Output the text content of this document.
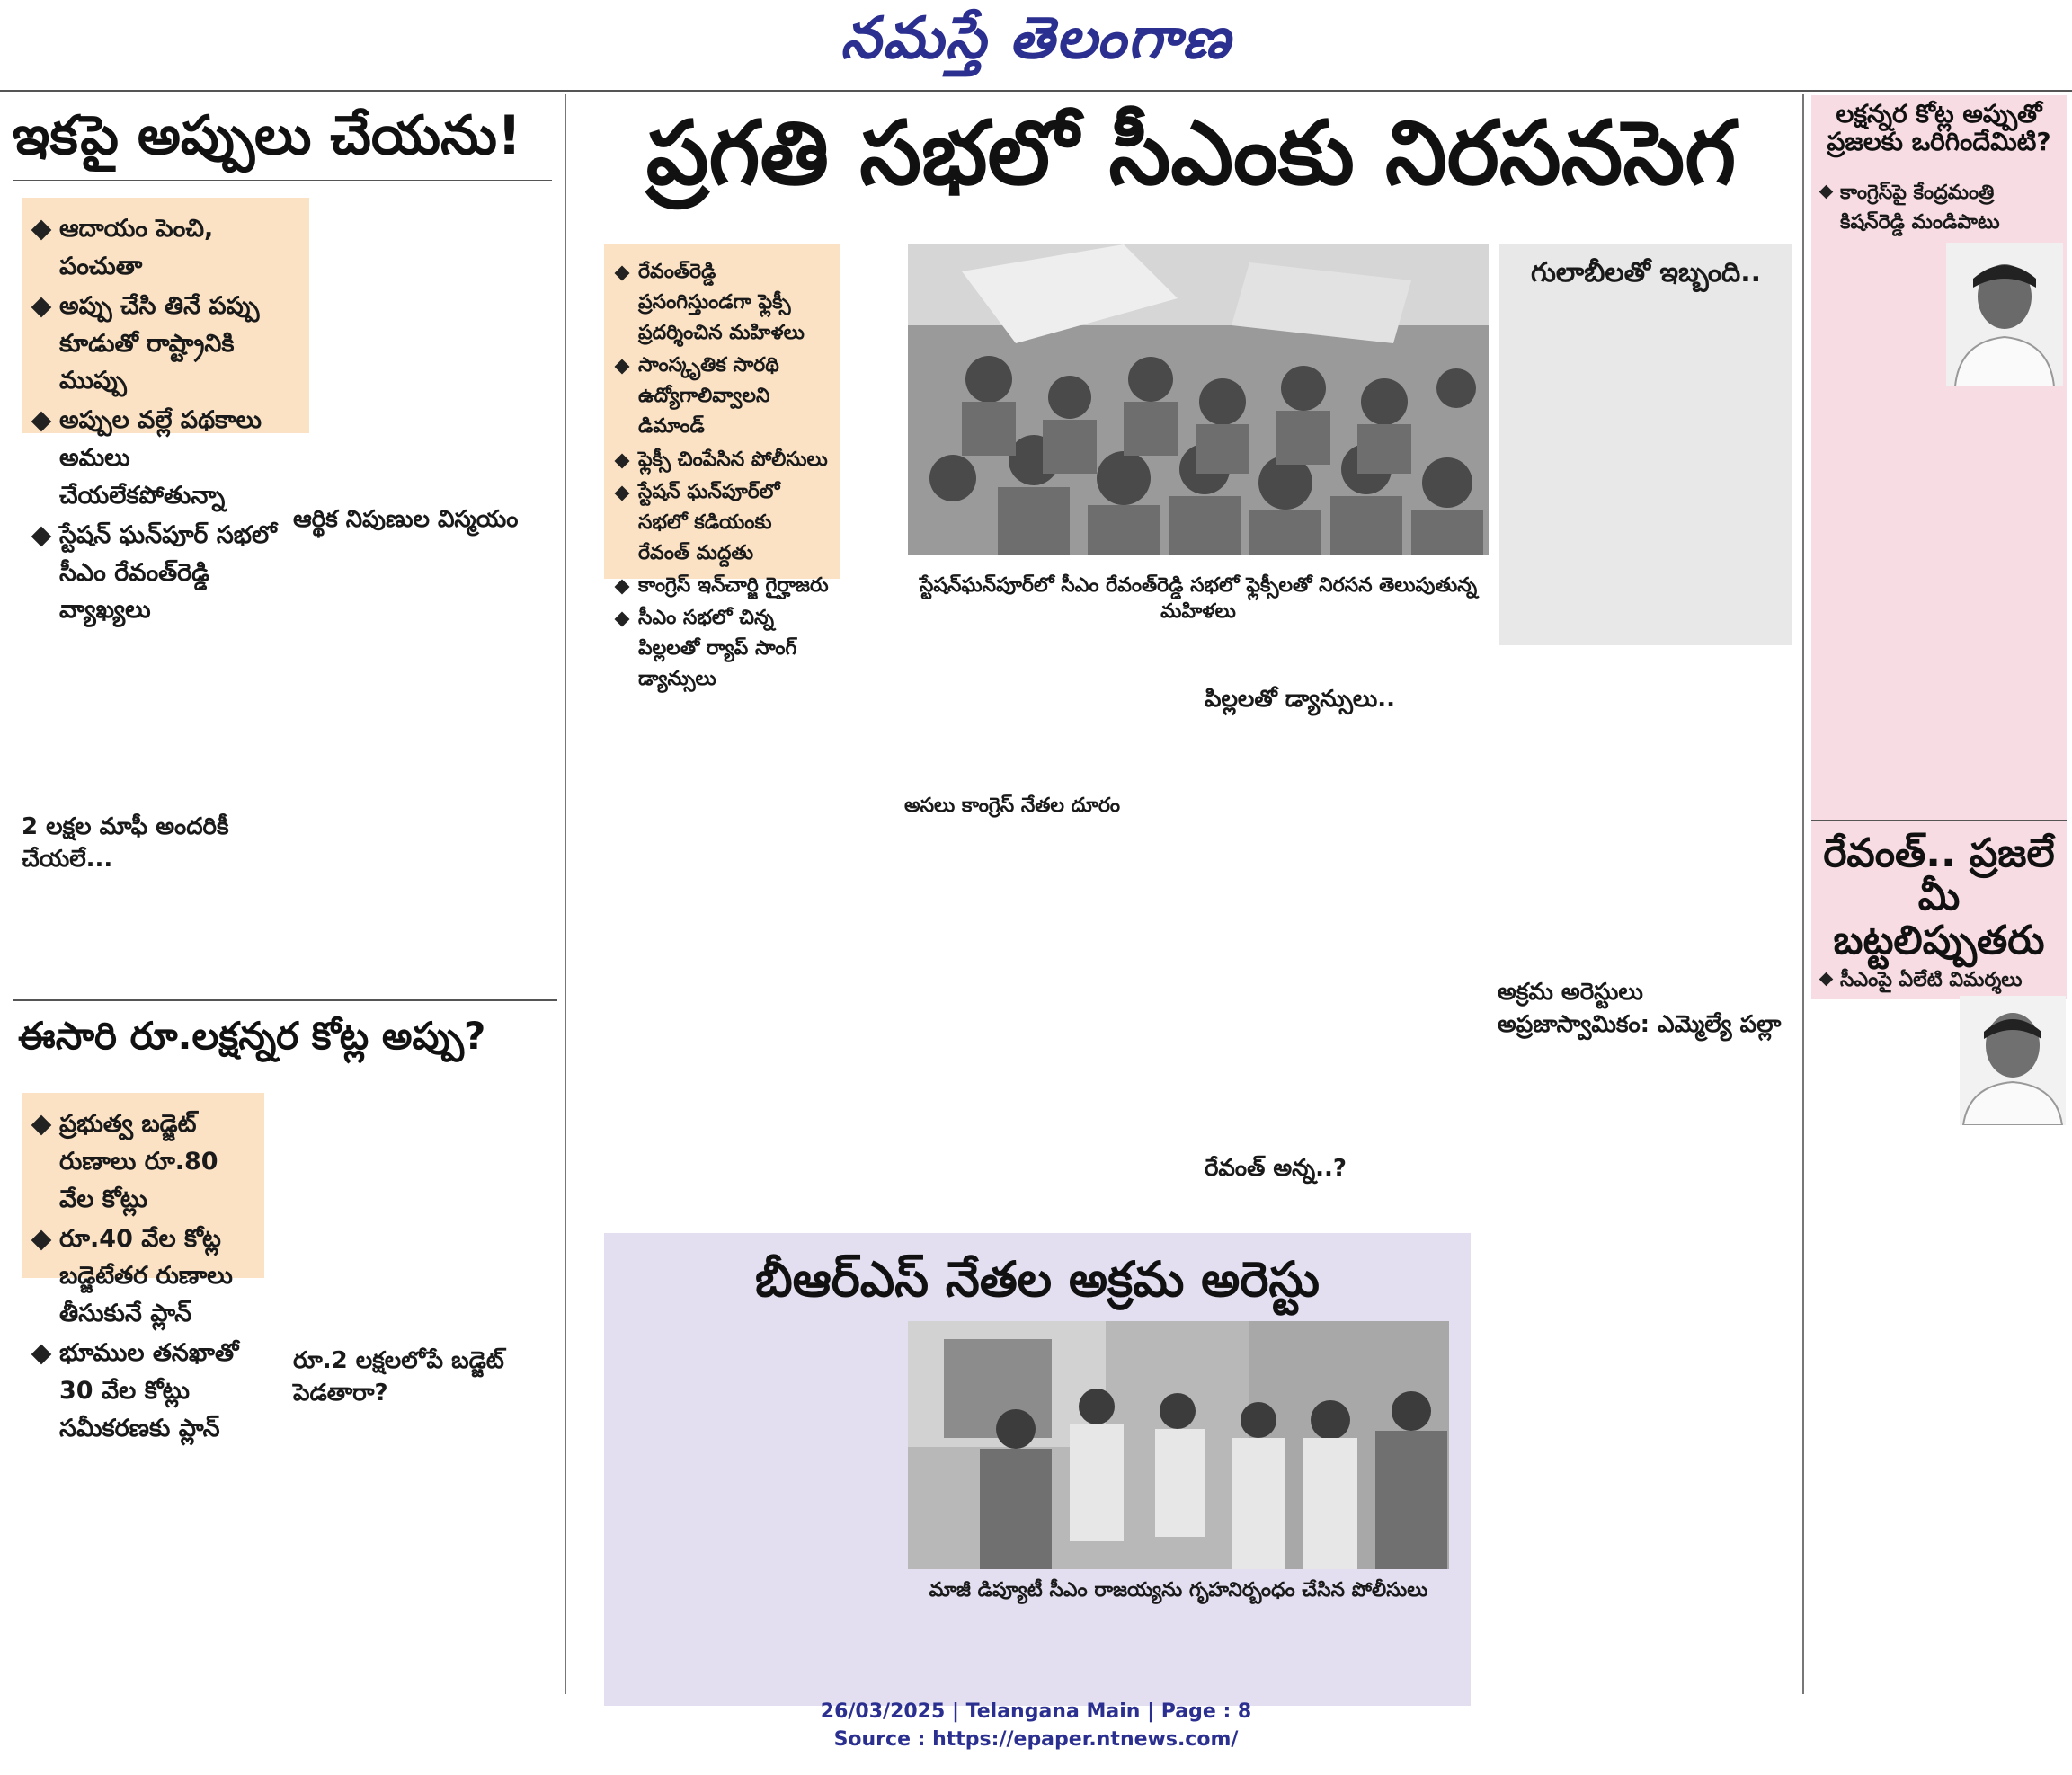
నమస్తే తెలంగాణ
ఇకపై అప్పులు చేయను!
ఆదాయం పెంచి, పంచుతా
అప్పు చేసి తినే పప్పు కూడుతో రాష్ట్రానికి ముప్పు
అప్పుల వల్లే పథకాలు అమలు చేయలేకపోతున్నా
స్టేషన్ ఘన్‌పూర్ సభలో సీఎం రేవంత్‌రెడ్డి వ్యాఖ్యలు
ఆర్థిక నిపుణుల విస్మయం
2 లక్షల మాఫీ అందరికీ చేయలే...
ఈసారి రూ.లక్షన్నర కోట్ల అప్పు?
ప్రభుత్వ బడ్జెట్ రుణాలు రూ.80 వేల కోట్లు
రూ.40 వేల కోట్ల బడ్జెటేతర రుణాలు తీసుకునే ప్లాన్
భూముల తనఖాతో 30 వేల కోట్లు సమీకరణకు ప్లాన్
రూ.2 లక్షలలోపే బడ్జెట్ పెడతారా?
ప్రగతి సభలో సీఎంకు నిరసనసెగ
రేవంత్‌రెడ్డి ప్రసంగిస్తుండగా ఫ్లెక్సీ ప్రదర్శించిన మహిళలు
సాంస్కృతిక సారథి ఉద్యోగాలివ్వాలని డిమాండ్
ఫ్లెక్సీ చింపేసిన పోలీసులు
స్టేషన్ ఘన్‌పూర్‌లో సభలో కడియంకు రేవంత్ మద్దతు
కాంగ్రెస్ ఇన్‌చార్జి గైర్హాజరు
సీఎం సభలో చిన్న పిల్లలతో ర్యాప్ సాంగ్ డ్యాన్సులు
స్టేషన్‌ఘన్‌పూర్‌లో సీఎం రేవంత్‌రెడ్డి సభలో ఫ్లెక్సీలతో నిరసన తెలుపుతున్న మహిళలు
అసలు కాంగ్రెస్ నేతల దూరం
పిల్లలతో డ్యాన్సులు..
రేవంత్ అన్న..?
గులాబీలతో ఇబ్బంది..
అక్రమ అరెస్టులు అప్రజాస్వామికం: ఎమ్మెల్యే పల్లా
బీఆర్ఎస్ నేతల అక్రమ అరెస్టు
మాజీ డిప్యూటీ సీఎం రాజయ్యను గృహనిర్బంధం చేసిన పోలీసులు
లక్షన్నర కోట్ల అప్పుతో ప్రజలకు ఒరిగిందేమిటి?
కాంగ్రెస్‌పై కేంద్రమంత్రి కిషన్‌రెడ్డి మండిపాటు
రేవంత్.. ప్రజలే మీ బట్టలిప్పుతరు
సీఎంపై ఏలేటి విమర్శలు
26/03/2025 | Telangana Main | Page : 8
Source : https://epaper.ntnews.com/
